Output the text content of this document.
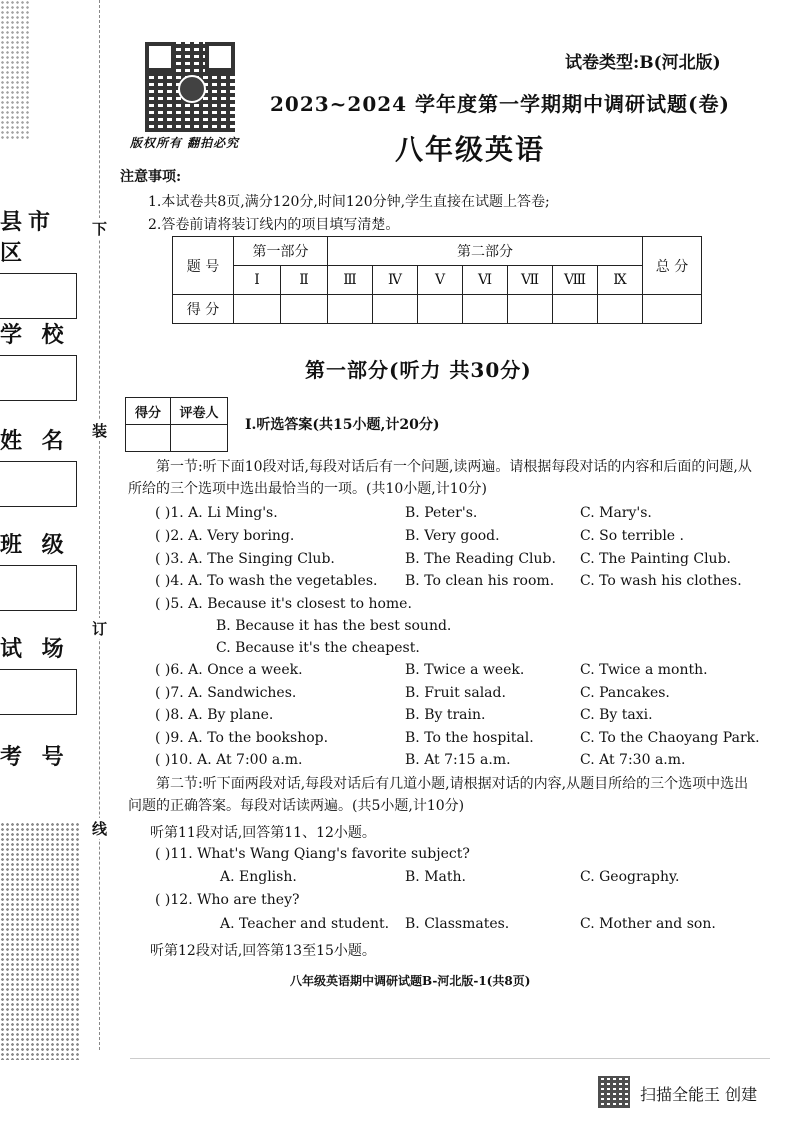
县市区
学 校
姓 名
班 级
试 场
考 号
下
装
订
线
版权所有 翻拍必究
试卷类型:B(河北版)
2023~2024 学年度第一学期期中调研试题(卷)
八年级英语
注意事项:
1.本试卷共8页,满分120分,时间120分钟,学生直接在试题上答卷;
2.答卷前请将装订线内的项目填写清楚。
题 号	第一部分		第二部分							总 分
	Ⅰ	Ⅱ	Ⅲ	Ⅳ	Ⅴ	Ⅵ	Ⅶ	Ⅷ	Ⅸ	
得 分										
第一部分(听力 共30分)
得分	评卷人

Ⅰ.听选答案(共15小题,计20分)
第一节:听下面10段对话,每段对话后有一个问题,读两遍。请根据每段对话的内容和后面的问题,从所给的三个选项中选出最恰当的一项。(共10小题,计10分)
( )1. A. Li Ming's.	B. Peter's.	C. Mary's.
( )2. A. Very boring.	B. Very good.	C. So terrible .
( )3. A. The Singing Club.	B. The Reading Club. C. The Painting Club.
( )4. A. To wash the vegetables. B. To clean his room. C. To wash his clothes.
( )5. A. Because it's closest to home.
B. Because it has the best sound.
C. Because it's the cheapest.
( )6. A. Once a week.	B. Twice a week.	C. Twice a month.
( )7. A. Sandwiches.	B. Fruit salad.	C. Pancakes.
( )8. A. By plane.	B. By train.	C. By taxi.
( )9. A. To the bookshop.	B. To the hospital.	C. To the Chaoyang Park.
( )10. A. At 7:00 a.m.	B. At 7:15 a.m.	C. At 7:30 a.m.
第二节:听下面两段对话,每段对话后有几道小题,请根据对话的内容,从题目所给的三个选项中选出问题的正确答案。每段对话读两遍。(共5小题,计10分)
听第11段对话,回答第11、12小题。
( )11. What's Wang Qiang's favorite subject?
A. English.	B. Math.	C. Geography.
( )12. Who are they?
A. Teacher and student. B. Classmates.	C. Mother and son.
听第12段对话,回答第13至15小题。
八年级英语期中调研试题B-河北版-1(共8页)
扫描全能王 创建
